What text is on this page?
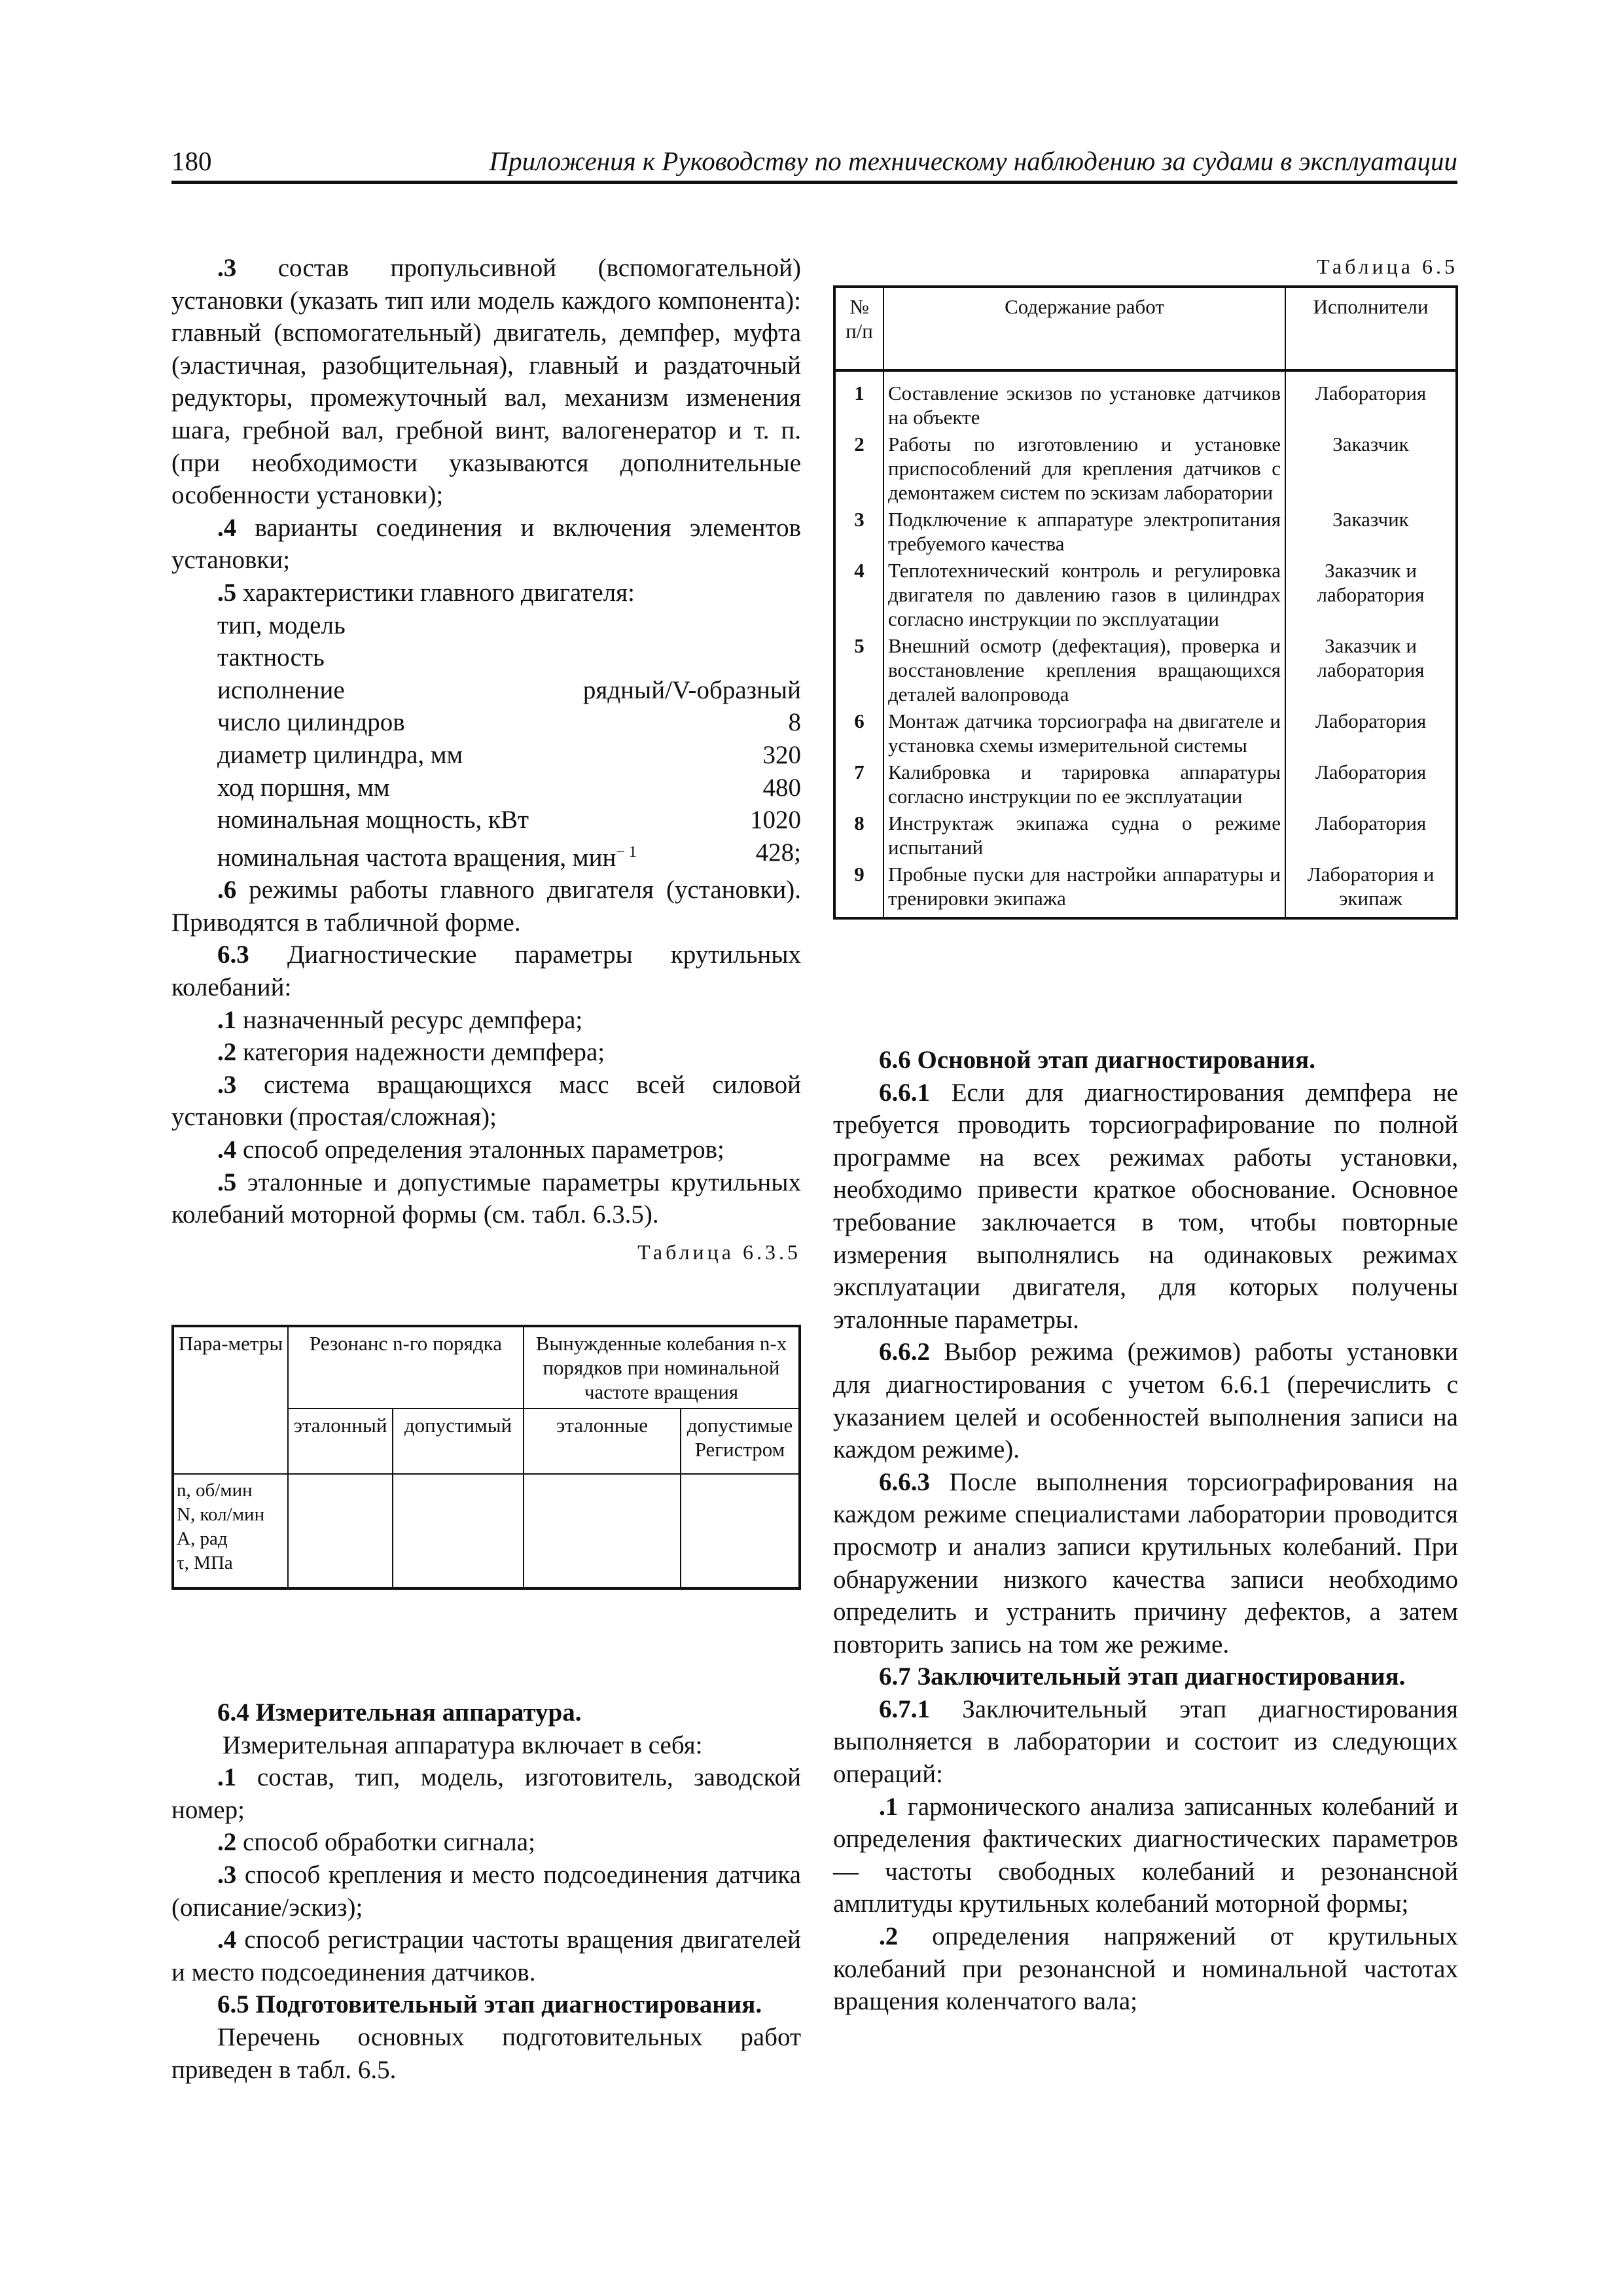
180	Приложения к Руководству по техническому наблюдению за судами в эксплуатации

.3 состав пропульсивной (вспомогательной) установки (указать тип или модель каждого компонента): главный (вспомогательный) двигатель, демпфер, муфта (эластичная, разобщительная), главный и раздаточный редукторы, промежуточный вал, механизм изменения шага, гребной вал, гребной винт, валогенератор и т. п. (при необходимости указываются дополнительные особенности установки);

.4 варианты соединения и включения элементов установки;

.5 характеристики главного двигателя:

тип, модель

тактность

исполнение	рядный/V-образный

число цилиндров	8

диаметр цилиндра, мм	320

ход поршня, мм	480

номинальная мощность, кВт	1020

номинальная частота вращения, мин$^{- 1}$	428;

.6 режимы работы главного двигателя (установки). Приводятся в табличной форме.

6.3 Диагностические параметры крутильных колебаний:

.1 назначенный ресурс демпфера;

.2 категория надежности демпфера;

.3 система вращающихся масс всей силовой установки (простая/сложная);

.4 способ определения эталонных параметров;

.5 эталонные и допустимые параметры крутильных колебаний моторной формы (см. табл. 6.3.5).

Таблица 6.3.5

Пара-метры	Резонанс n-го порядка		Вынужденные колебания n-х порядков при номинальной частоте вращения	
	эталонный	допустимый	эталонные	допустимые Регистром

n, об/мин
N, кол/мин
A, рад
τ, МПа				

6.4 Измерительная аппаратура.

Измерительная аппаратура включает в себя:

.1 состав, тип, модель, изготовитель, заводской номер;

.2 способ обработки сигнала;

.3 способ крепления и место подсоединения датчика (описание/эскиз);

.4 способ регистрации частоты вращения двигателей и место подсоединения датчиков.

6.5 Подготовительный этап диагностирования.

Перечень основных подготовительных работ приведен в табл. 6.5.

Таблица 6.5

№ п/п	Содержание работ	Исполнители
1	Составление эскизов по установке датчиков на объекте	Лаборатория
2	Работы по изготовлению и установке приспособлений для крепления датчиков с демонтажем систем по эскизам лаборатории	Заказчик
3	Подключение к аппаратуре электропитания требуемого качества	Заказчик
4	Теплотехнический контроль и регулировка двигателя по давлению газов в цилиндрах согласно инструкции по эксплуатации	Заказчик и лаборатория
5	Внешний осмотр (дефектация), проверка и восстановление крепления вращающихся деталей валопровода	Заказчик и лаборатория
6	Монтаж датчика торсиографа на двигателе и установка схемы измерительной системы	Лаборатория
7	Калибровка и тарировка аппаратуры согласно инструкции по ее эксплуатации	Лаборатория
8	Инструктаж экипажа судна о режиме испытаний	Лаборатория
9	Пробные пуски для настройки аппаратуры и тренировки экипажа	Лаборатория и экипаж

6.6 Основной этап диагностирования.

6.6.1 Если для диагностирования демпфера не требуется проводить торсиографирование по полной программе на всех режимах работы установки, необходимо привести краткое обоснование. Основное требование заключается в том, чтобы повторные измерения выполнялись на одинаковых режимах эксплуатации двигателя, для которых получены эталонные параметры.

6.6.2 Выбор режима (режимов) работы установки для диагностирования с учетом 6.6.1 (перечислить с указанием целей и особенностей выполнения записи на каждом режиме).

6.6.3 После выполнения торсиографирования на каждом режиме специалистами лаборатории проводится просмотр и анализ записи крутильных колебаний. При обнаружении низкого качества записи необходимо определить и устранить причину дефектов, а затем повторить запись на том же режиме.

6.7 Заключительный этап диагностирования.

6.7.1 Заключительный этап диагностирования выполняется в лаборатории и состоит из следующих операций:

.1 гармонического анализа записанных колебаний и определения фактических диагностических параметров — частоты свободных колебаний и резонансной амплитуды крутильных колебаний моторной формы;

.2 определения напряжений от крутильных колебаний при резонансной и номинальной частотах вращения коленчатого вала;
